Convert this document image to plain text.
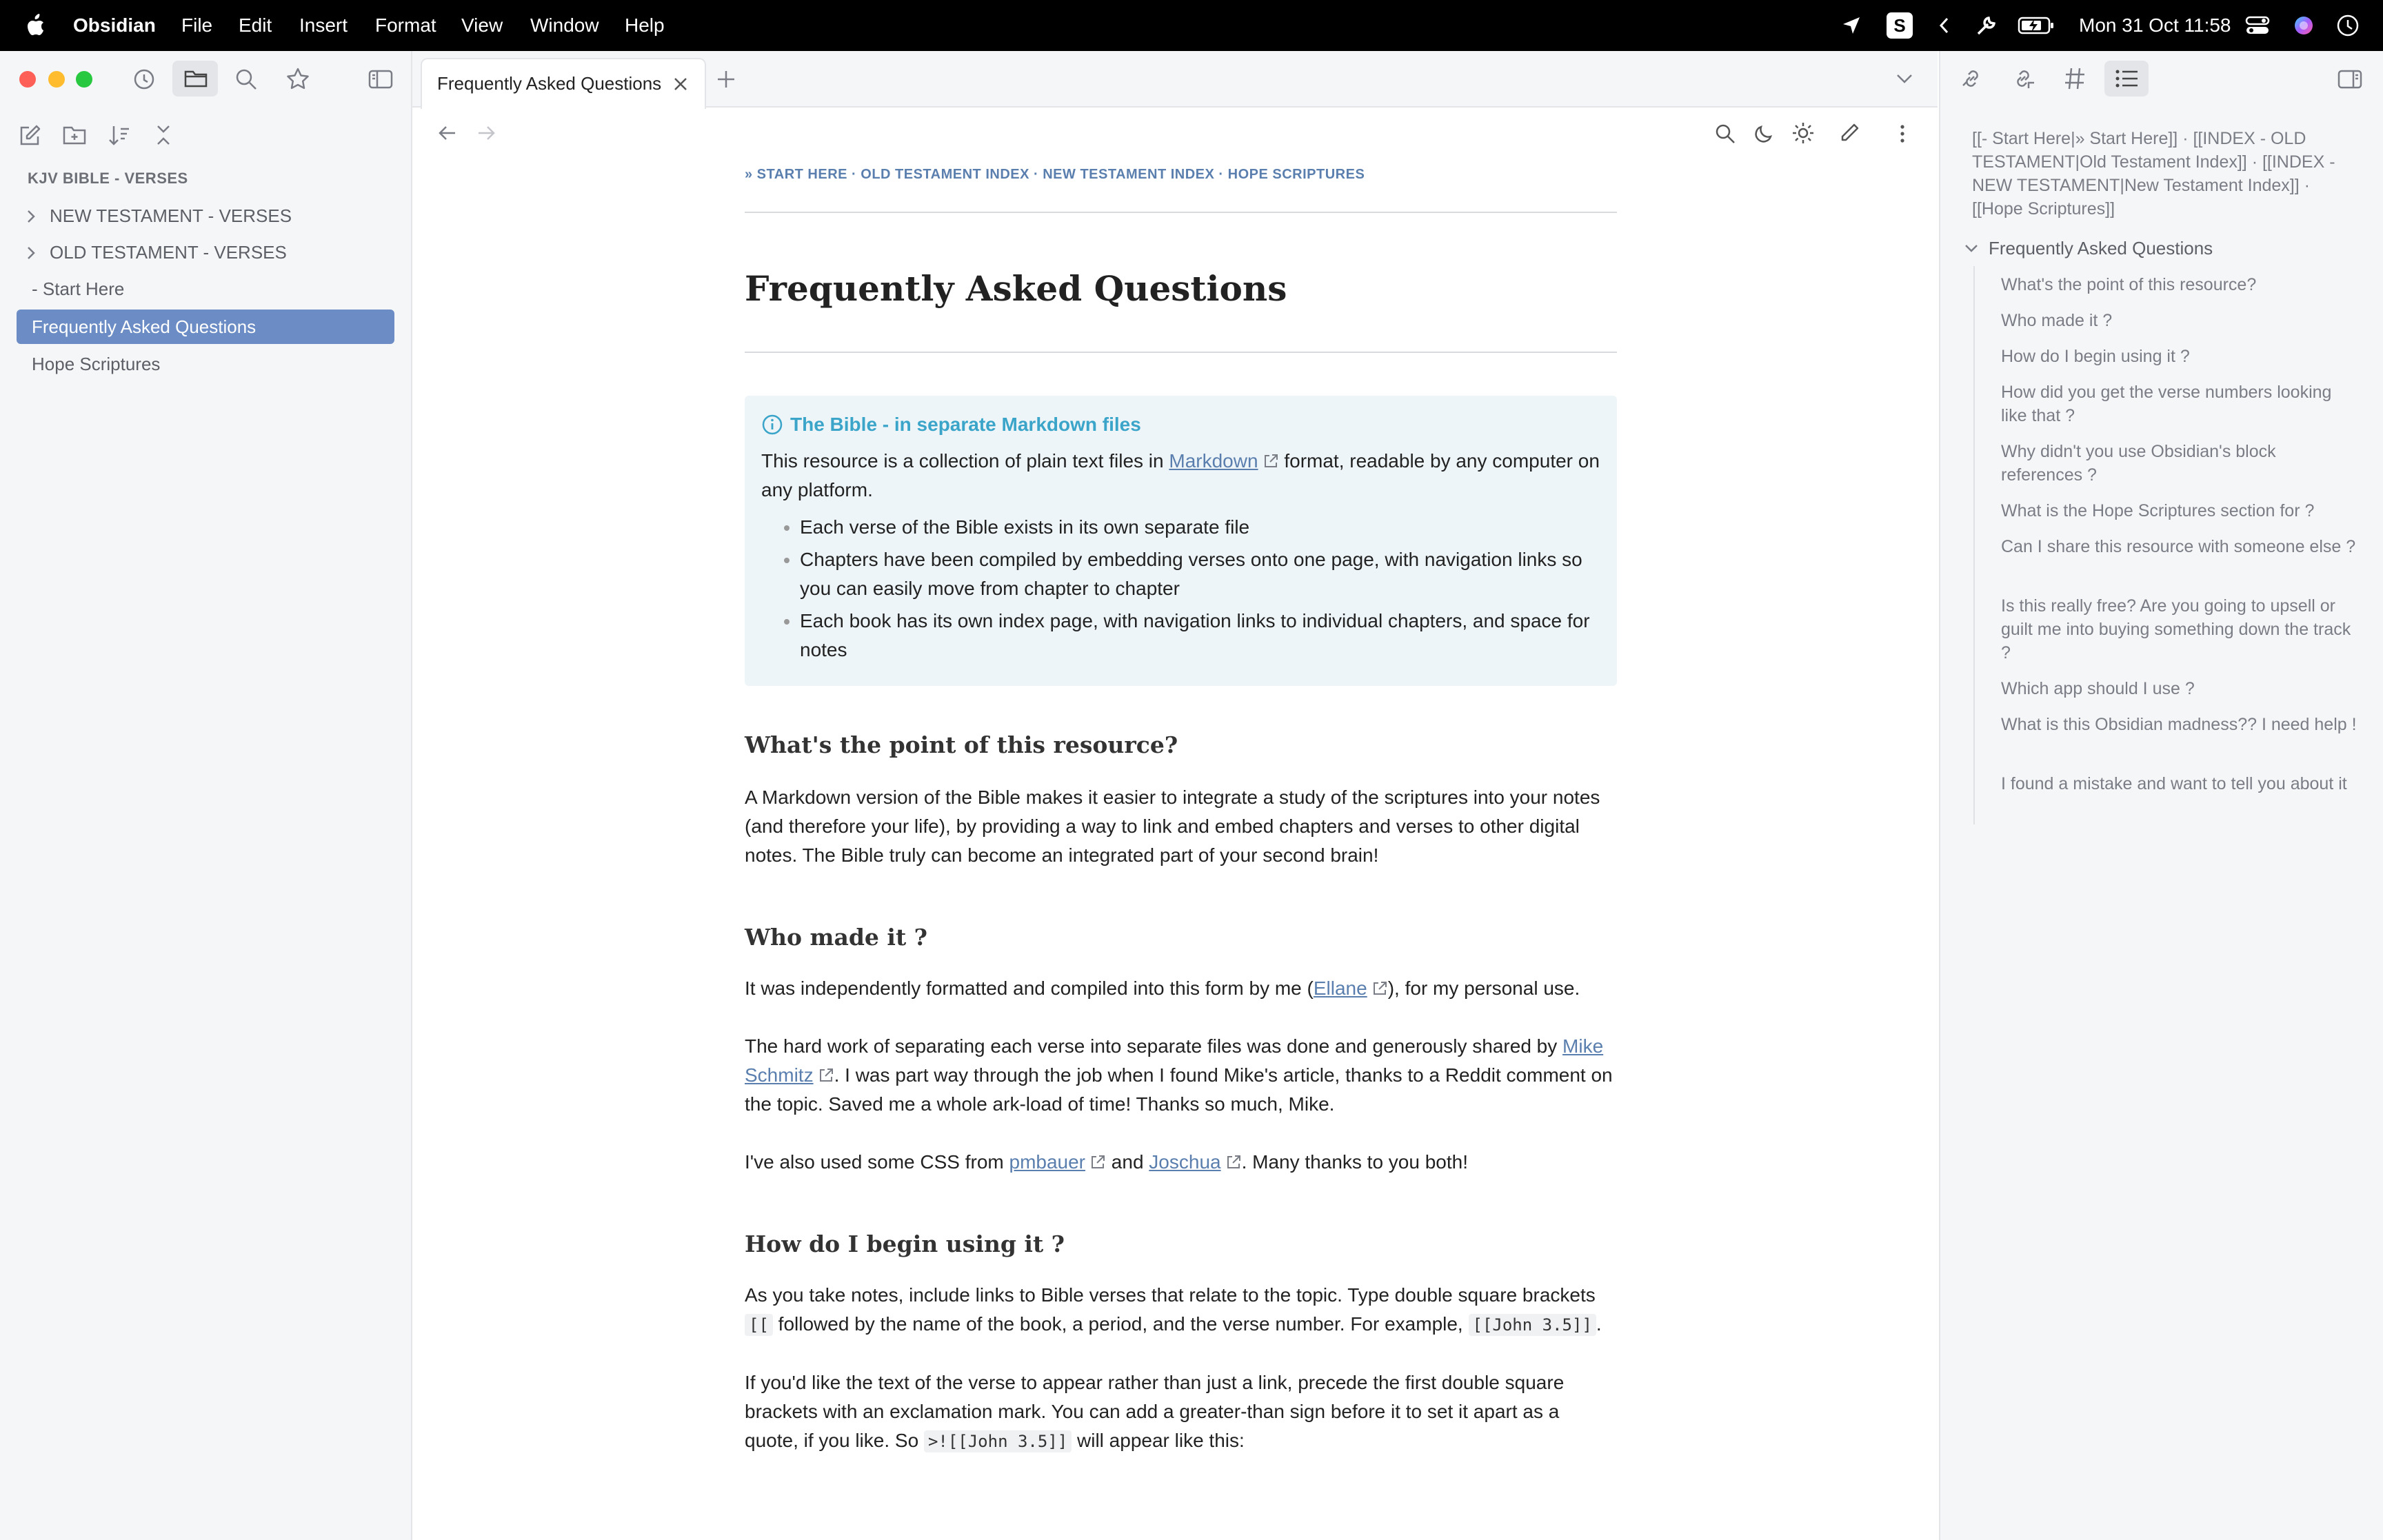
Obsidian File Edit Insert Format View Window Help	S	Mon 31 Oct 11:58
KJV BIBLE - VERSES
NEW TESTAMENT - VERSES
OLD TESTAMENT - VERSES
- Start Here
Frequently Asked Questions
Hope Scriptures
Frequently Asked Questions
» START HERE · OLD TESTAMENT INDEX · NEW TESTAMENT INDEX · HOPE SCRIPTURES
Frequently Asked Questions
The Bible - in separate Markdown files
This resource is a collection of plain text files in Markdown
format, readable by any computer on any platform.
• Each verse of the Bible exists in its own separate file
• Chapters have been compiled by embedding verses onto one page, with navigation links so you can easily move from chapter to chapter
• Each book has its own index page, with navigation links to individual chapters, and space for notes
What's the point of this resource?
A Markdown version of the Bible makes it easier to integrate a study of the scriptures into your notes (and therefore your life), by providing a way to link and embed chapters and verses to other digital notes. The Bible truly can become an integrated part of your second brain!
Who made it ?
It was independently formatted and compiled into this form by me (Ellane ), for my personal use.
The hard work of separating each verse into separate files was done and generously shared by Mike Schmitz . I was part way through the job when I found Mike's article, thanks to a Reddit comment on the topic. Saved me a whole ark-load of time! Thanks so much, Mike.
I've also used some CSS from pmbauer
and Joschua . Many thanks to you both!
How do I begin using it ?
As you take notes, include links to Bible verses that relate to the topic. Type double square brackets [[ followed by the name of the book, a period, and the verse number. For example, [[John 3.5]] .
If you'd like the text of the verse to appear rather than just a link, precede the first double square brackets with an exclamation mark. You can add a greater-than sign before it to set it apart as a quote, if you like. So >![[John 3.5]] will appear like this:
[[- Start Here|» Start Here]] · [[INDEX - OLD TESTAMENT|Old Testament Index]] · [[INDEX - NEW TESTAMENT|New Testament Index]] · [[Hope Scriptures]]
Frequently Asked Questions
What's the point of this resource?
Who made it ?
How do I begin using it ?
How did you get the verse numbers looking like that ?
Why didn't you use Obsidian's block references ?
What is the Hope Scriptures section for ?
Can I share this resource with someone else ?
Is this really free? Are you going to upsell or guilt me into buying something down the track ?
Which app should I use ?
What is this Obsidian madness?? I need help !
I found a mistake and want to tell you about it
